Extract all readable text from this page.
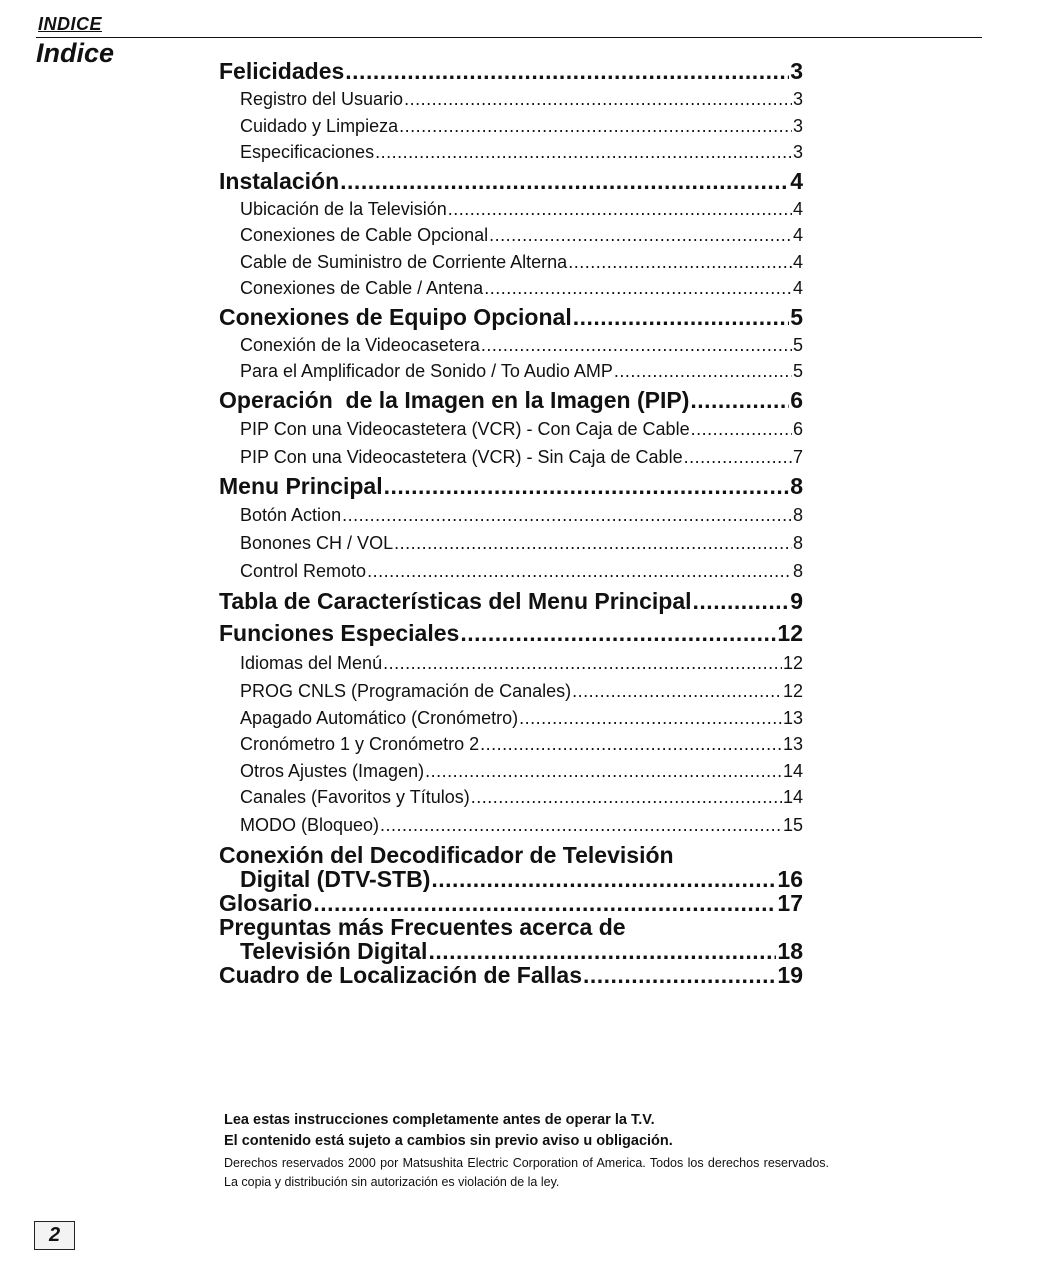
INDICE
Indice
Felicidades .....	3
Registro del Usuario .....	3
Cuidado y Limpieza .....	3
Especificaciones .....	3
Instalación .....	4
Ubicación de la Televisión .....	4
Conexiones de Cable Opcional .....	4
Cable de Suministro de Corriente Alterna .....	4
Conexiones de Cable / Antena .....	4
Conexiones de Equipo Opcional .....	5
Conexión de la Videocasetera .....	5
Para el Amplificador de Sonido / To Audio AMP .....	5
Operación  de la Imagen en la Imagen (PIP) .....	6
PIP Con una Videocastetera (VCR) - Con Caja de Cable .....	6
PIP Con una Videocastetera (VCR) - Sin Caja de Cable .....	7
Menu Principal .....	8
Botón Action .....	8
Bonones CH / VOL .....	8
Control Remoto .....	8
Tabla de Características del Menu Principal .....	9
Funciones Especiales .....	12
Idiomas del Menú .....	12
PROG CNLS (Programación de Canales) .....	12
Apagado Automático (Cronómetro) .....	13
Cronómetro 1 y Cronómetro 2 .....	13
Otros Ajustes (Imagen) .....	14
Canales (Favoritos y Títulos) .....	14
MODO (Bloqueo) .....	15
Conexión del Decodificador de Televisión
Digital (DTV-STB) .....	16
Glosario .....	17
Preguntas más Frecuentes acerca de
Televisión Digital .....	18
Cuadro de Localización de Fallas .....	19
Lea estas instrucciones completamente antes de operar la T.V.
El contenido está sujeto a cambios sin previo aviso u obligación.
Derechos reservados 2000 por Matsushita Electric Corporation of America. Todos los derechos reservados. La copia y distribución sin autorización es violación de la ley.
2
